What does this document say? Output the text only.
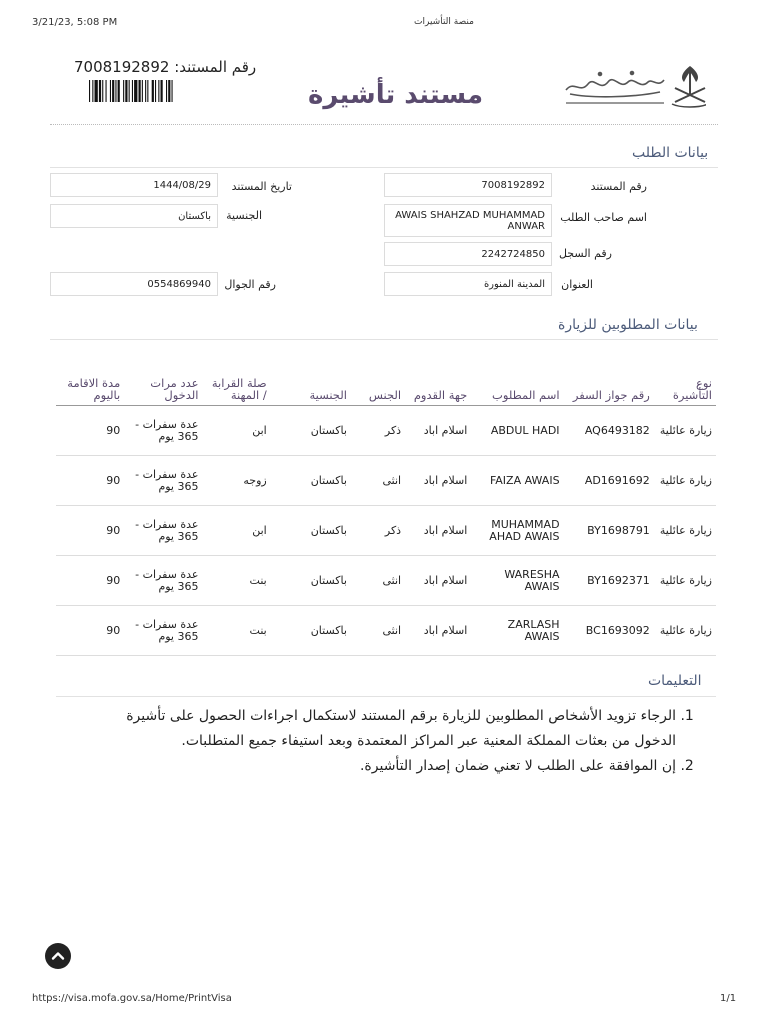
3/21/23, 5:08 PM	منصة التأشيرات
رقم المستند: 7008192892
مستند تأشيرة
بيانات الطلب
رقم المستند
7008192892
تاريخ المستند
1444/08/29
اسم صاحب الطلب
AWAIS SHAHZAD MUHAMMAD ANWAR
الجنسية
باكستان
رقم السجل
2242724850
العنوان
المدينة المنورة
رقم الجوال
0554869940
بيانات المطلوبين للزيارة
نوع التأشيرة	رقم جواز السفر	اسم المطلوب	جهة القدوم	الجنس	الجنسية	صلة القرابة / المهنة	عدد مرات الدخول	مدة الاقامة باليوم
زيارة عائلية	AQ6493182	ABDUL HADI	اسلام اباد	ذكر	باكستان	ابن	عدة سفرات - 365 يوم	90
زيارة عائلية	AD1691692	FAIZA AWAIS	اسلام اباد	انثى	باكستان	زوجه	عدة سفرات - 365 يوم	90
زيارة عائلية	BY1698791	MUHAMMAD AHAD AWAIS	اسلام اباد	ذكر	باكستان	ابن	عدة سفرات - 365 يوم	90
زيارة عائلية	BY1692371	WARESHA AWAIS	اسلام اباد	انثى	باكستان	بنت	عدة سفرات - 365 يوم	90
زيارة عائلية	BC1693092	ZARLASH AWAIS	اسلام اباد	انثى	باكستان	بنت	عدة سفرات - 365 يوم	90
التعليمات
1. الرجاء تزويد الأشخاص المطلوبين للزيارة برقم المستند لاستكمال اجراءات الحصول على تأشيرة الدخول من بعثات المملكة المعنية عبر المراكز المعتمدة وبعد استيفاء جميع المتطلبات.
2. إن الموافقة على الطلب لا تعني ضمان إصدار التأشيرة.
https://visa.mofa.gov.sa/Home/PrintVisa	1/1
